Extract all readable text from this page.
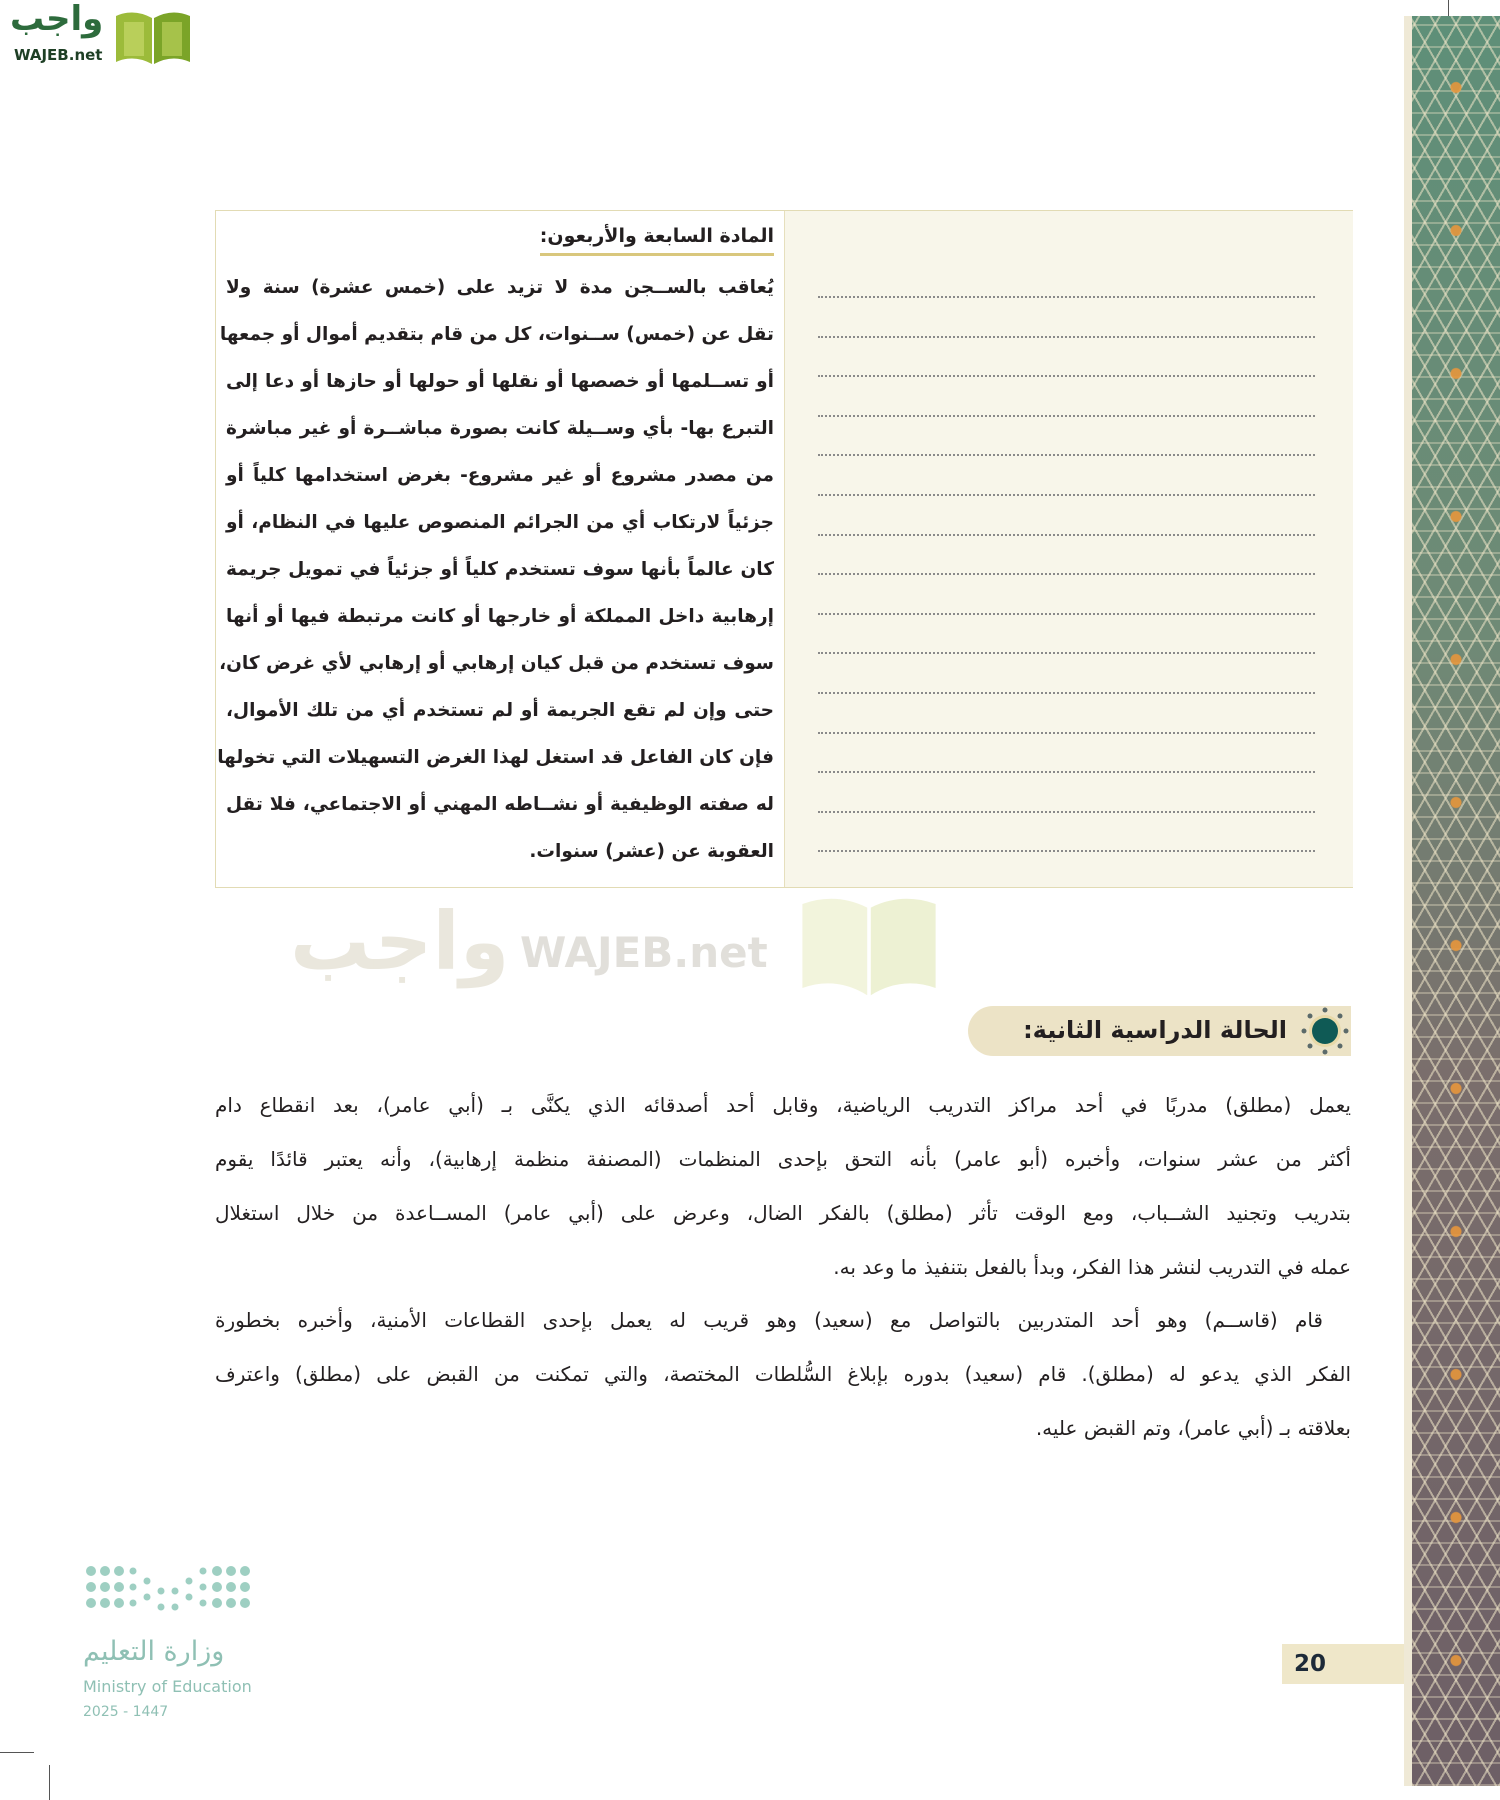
واجب
WAJEB.net
المادة السابعة والأربعون:
يُعاقب بالســجن مدة لا تزيد على (خمس عشرة) سنة ولا
تقل عن (خمس) ســنوات، كل من قام بتقديم أموال أو جمعها
أو تســلمها أو خصصها أو نقلها أو حولها أو حازها أو دعا إلى
التبرع بها- بأي وســيلة كانت بصورة مباشــرة أو غير مباشرة
من مصدر مشروع أو غير مشروع- بغرض استخدامها كلياً أو
جزئياً لارتكاب أي من الجرائم المنصوص عليها في النظام، أو
كان عالماً بأنها سوف تستخدم كلياً أو جزئياً في تمويل جريمة
إرهابية داخل المملكة أو خارجها أو كانت مرتبطة فيها أو أنها
سوف تستخدم من قبل كيان إرهابي أو إرهابي لأي غرض كان،
حتى وإن لم تقع الجريمة أو لم تستخدم أي من تلك الأموال،
فإن كان الفاعل قد استغل لهذا الغرض التسهيلات التي تخولها
له صفته الوظيفية أو نشــاطه المهني أو الاجتماعي، فلا تقل
العقوبة عن (عشر) سنوات.
واجب WAJEB.net
الحالة الدراسية الثانية:
يعمل (مطلق) مدربًا في أحد مراكز التدريب الرياضية، وقابل أحد أصدقائه الذي يكنَّى بـ (أبي عامر)، بعد انقطاع دام
أكثر من عشر سنوات، وأخبره (أبو عامر) بأنه التحق بإحدى المنظمات (المصنفة منظمة إرهابية)، وأنه يعتبر قائدًا يقوم
بتدريب وتجنيد الشــباب، ومع الوقت تأثر (مطلق) بالفكر الضال، وعرض على (أبي عامر) المســاعدة من خلال استغلال
عمله في التدريب لنشر هذا الفكر، وبدأ بالفعل بتنفيذ ما وعد به.
قام (قاســم) وهو أحد المتدربين بالتواصل مع (سعيد) وهو قريب له يعمل بإحدى القطاعات الأمنية، وأخبره بخطورة
الفكر الذي يدعو له (مطلق). قام (سعيد) بدوره بإبلاغ السُّلطات المختصة، والتي تمكنت من القبض على (مطلق) واعترف
بعلاقته بـ (أبي عامر)، وتم القبض عليه.
وزارة التعليم
Ministry of Education
2025 - 1447
20
